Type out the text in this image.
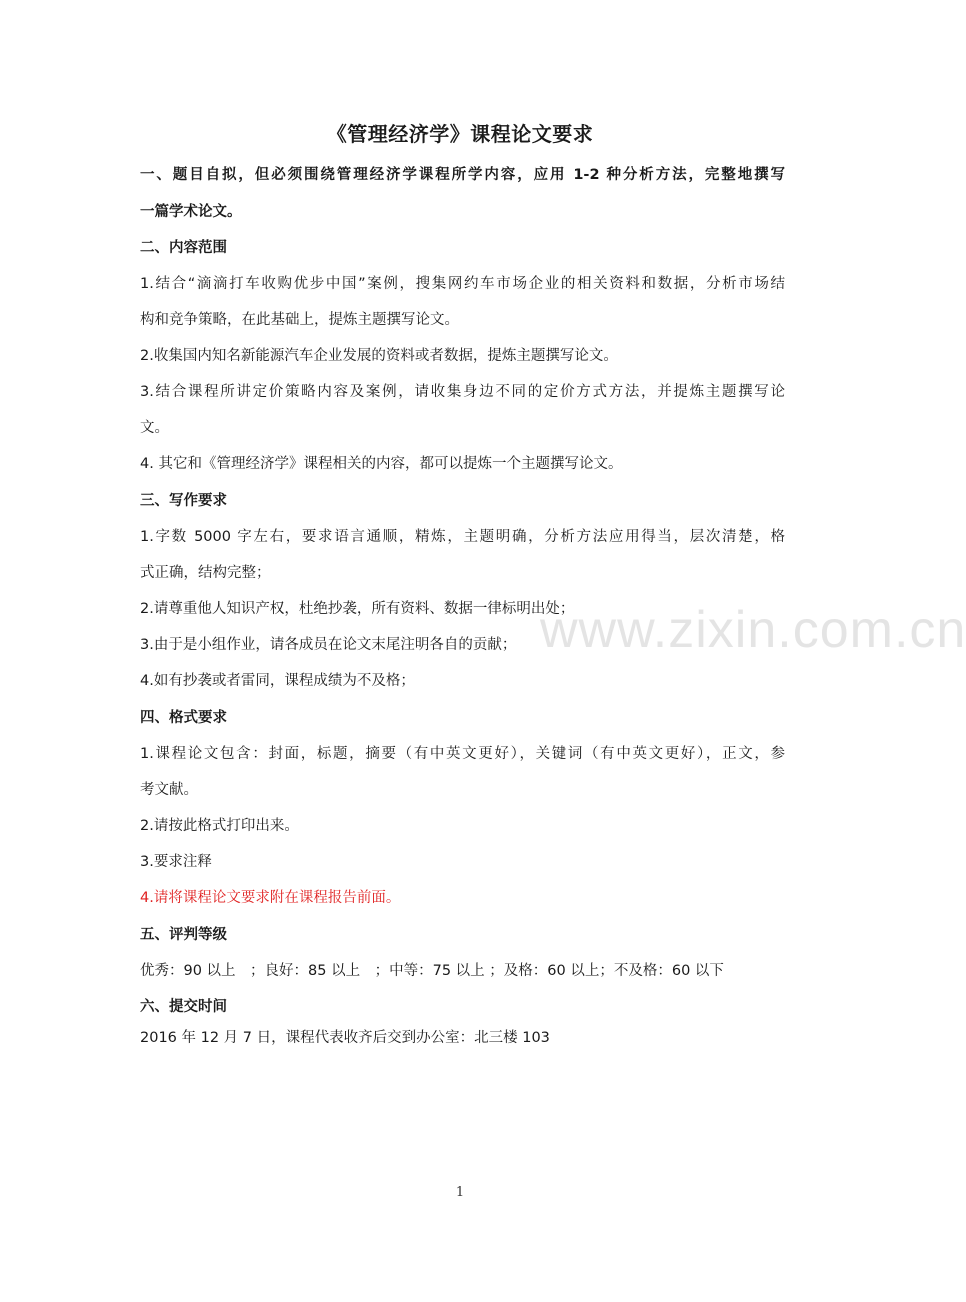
《管理经济学》课程论文要求
一、题目自拟，但必须围绕管理经济学课程所学内容，应用 1-2 种分析方法，完整地撰写
一篇学术论文。
二、内容范围
1.结合“滴滴打车收购优步中国”案例，搜集网约车市场企业的相关资料和数据，分析市场结
构和竞争策略，在此基础上，提炼主题撰写论文。
2.收集国内知名新能源汽车企业发展的资料或者数据，提炼主题撰写论文。
3.结合课程所讲定价策略内容及案例，请收集身边不同的定价方式方法，并提炼主题撰写论
文。
4. 其它和《管理经济学》课程相关的内容，都可以提炼一个主题撰写论文。
三、写作要求
1.字数 5000 字左右，要求语言通顺，精炼，主题明确，分析方法应用得当，层次清楚，格
式正确，结构完整；
2.请尊重他人知识产权，杜绝抄袭，所有资料、数据一律标明出处；
3.由于是小组作业，请各成员在论文末尾注明各自的贡献；
4.如有抄袭或者雷同，课程成绩为不及格；
四、格式要求
1.课程论文包含：封面，标题，摘要（有中英文更好），关键词（有中英文更好），正文，参
考文献。
2.请按此格式打印出来。
3.要求注释
4.请将课程论文要求附在课程报告前面。
五、评判等级
优秀：90 以上　；良好：85 以上　；中等：75 以上 ；及格：60 以上；不及格：60 以下
六、提交时间
2016 年 12 月 7 日，课程代表收齐后交到办公室：北三楼 103
www.zixin.com.cn
1
